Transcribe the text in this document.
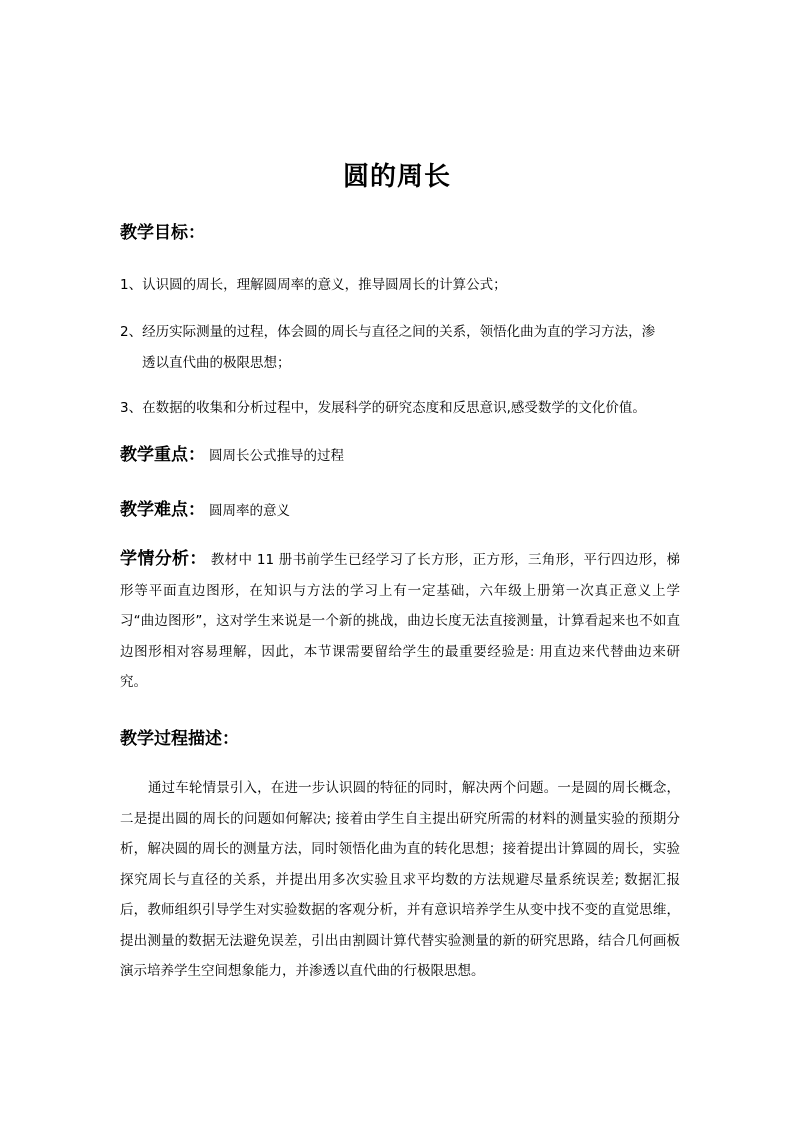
圆的周长
教学目标：
1、认识圆的周长，理解圆周率的意义，推导圆周长的计算公式；
2、经历实际测量的过程，体会圆的周长与直径之间的关系，领悟化曲为直的学习方法，渗
透以直代曲的极限思想；
3、在数据的收集和分析过程中，发展科学的研究态度和反思意识,感受数学的文化价值。
教学重点： 圆周长公式推导的过程
教学难点： 圆周率的意义
学情分析： 教材中 11 册书前学生已经学习了长方形，正方形，三角形，平行四边形，梯形等平面直边图形，在知识与方法的学习上有一定基础，六年级上册第一次真正意义上学习“曲边图形”，这对学生来说是一个新的挑战，曲边长度无法直接测量，计算看起来也不如直边图形相对容易理解，因此，本节课需要留给学生的最重要经验是: 用直边来代替曲边来研究。
教学过程描述：
通过车轮情景引入，在进一步认识圆的特征的同时，解决两个问题。一是圆的周长概念，二是提出圆的周长的问题如何解决; 接着由学生自主提出研究所需的材料的测量实验的预期分析，解决圆的周长的测量方法，同时领悟化曲为直的转化思想；接着提出计算圆的周长，实验探究周长与直径的关系，并提出用多次实验且求平均数的方法规避尽量系统误差; 数据汇报后，教师组织引导学生对实验数据的客观分析，并有意识培养学生从变中找不变的直觉思维，提出测量的数据无法避免误差，引出由割圆计算代替实验测量的新的研究思路，结合几何画板演示培养学生空间想象能力，并渗透以直代曲的行极限思想。
